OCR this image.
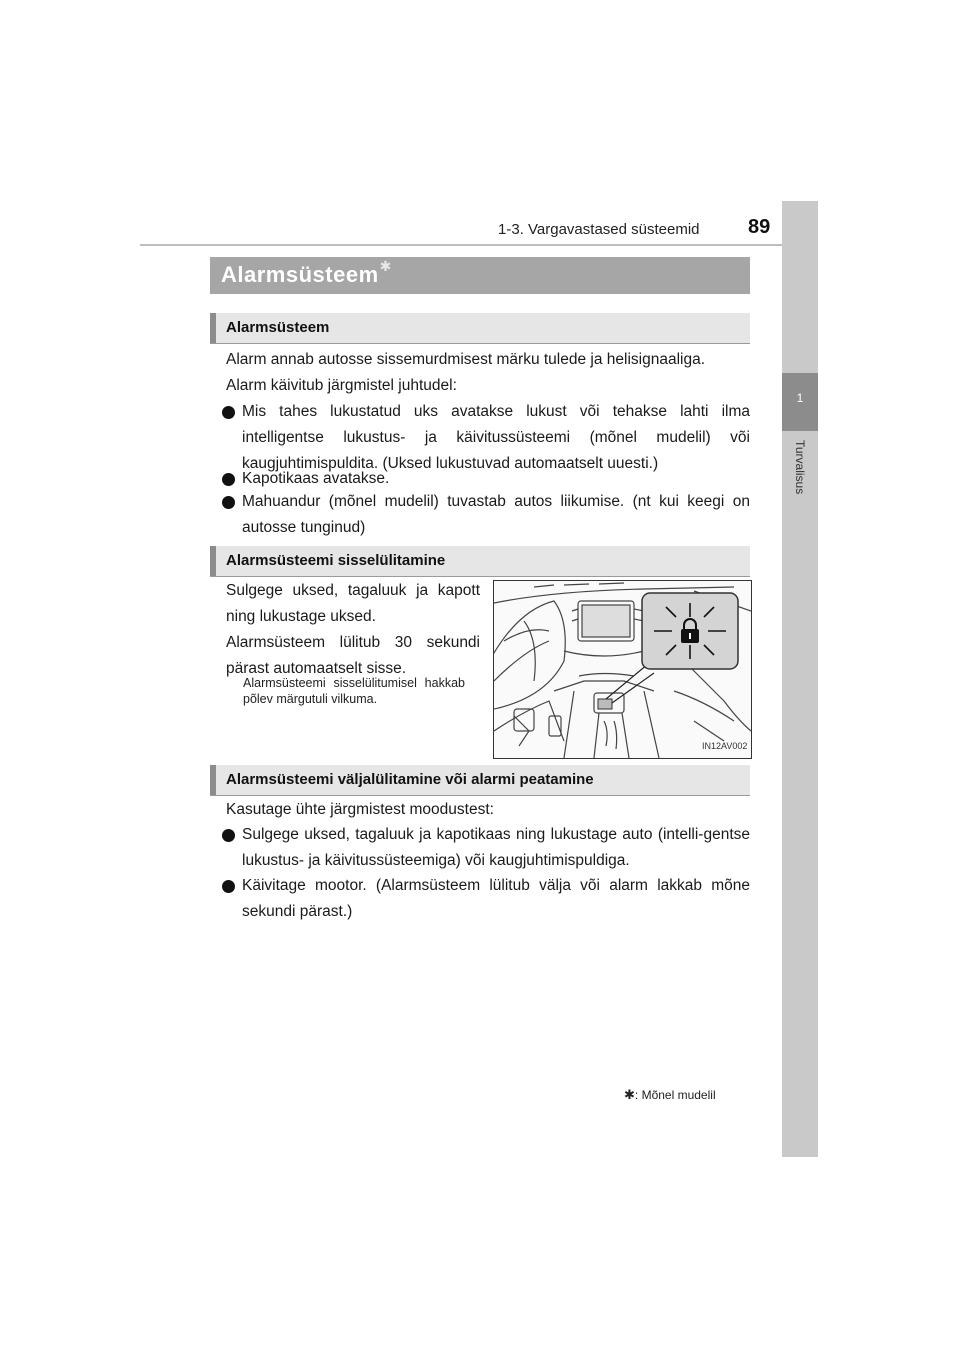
1-3. Vargavastased süsteemid 89
1
Turvalisus
Alarmsüsteem✱
Alarmsüsteem
Alarm annab autosse sissemurdmisest märku tulede ja helisignaaliga.
Alarm käivitub järgmistel juhtudel:
Mis tahes lukustatud uks avatakse lukust või tehakse lahti ilma intelligentse lukustus- ja käivitussüsteemi (mõnel mudelil) või kaugjuhtimispuldita. (Uksed lukustuvad automaatselt uuesti.)
Kapotikaas avatakse.
Mahuandur (mõnel mudelil) tuvastab autos liikumise. (nt kui keegi on autosse tunginud)
Alarmsüsteemi sisselülitamine
Sulgege uksed, tagaluuk ja kapott ning lukustage uksed.
Alarmsüsteem lülitub 30 sekundi pärast automaatselt sisse.
Alarmsüsteemi sisselülitumisel hakkab põlev märgutuli vilkuma.
IN12AV002
Alarmsüsteemi väljalülitamine või alarmi peatamine
Kasutage ühte järgmistest moodustest:
Sulgege uksed, tagaluuk ja kapotikaas ning lukustage auto (intelli-gentse lukustus- ja käivitussüsteemiga) või kaugjuhtimispuldiga.
Käivitage mootor. (Alarmsüsteem lülitub välja või alarm lakkab mõne sekundi pärast.)
✱: Mõnel mudelil
